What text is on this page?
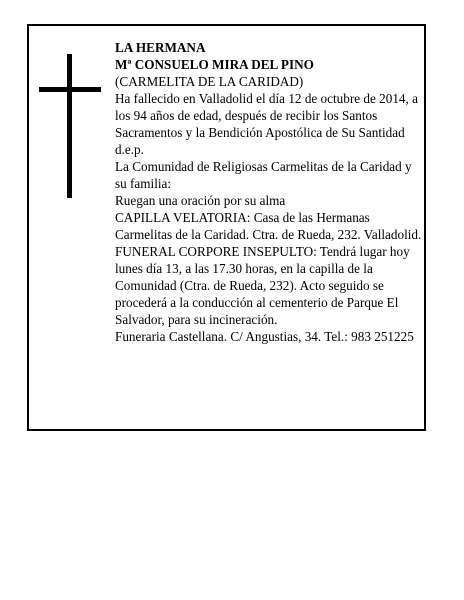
LA HERMANA

Mª CONSUELO MIRA DEL PINO

(CARMELITA DE LA CARIDAD)

Ha fallecido en Valladolid el día 12 de octubre de 2014, a los 94 años de edad, después de recibir los Santos Sacramentos y la Bendición Apostólica de Su Santidad

d.e.p.

La Comunidad de Religiosas Carmelitas de la Caridad y su familia:

Ruegan una oración por su alma

CAPILLA VELATORIA: Casa de las Hermanas Carmelitas de la Caridad. Ctra. de Rueda, 232. Valladolid.

FUNERAL CORPORE INSEPULTO: Tendrá lugar hoy lunes día 13, a las 17.30 horas, en la capilla de la Comunidad (Ctra. de Rueda, 232). Acto seguido se procederá a la conducción al cementerio de Parque El Salvador, para su incineración.

Funeraria Castellana. C/ Angustias, 34. Tel.: 983 251225
